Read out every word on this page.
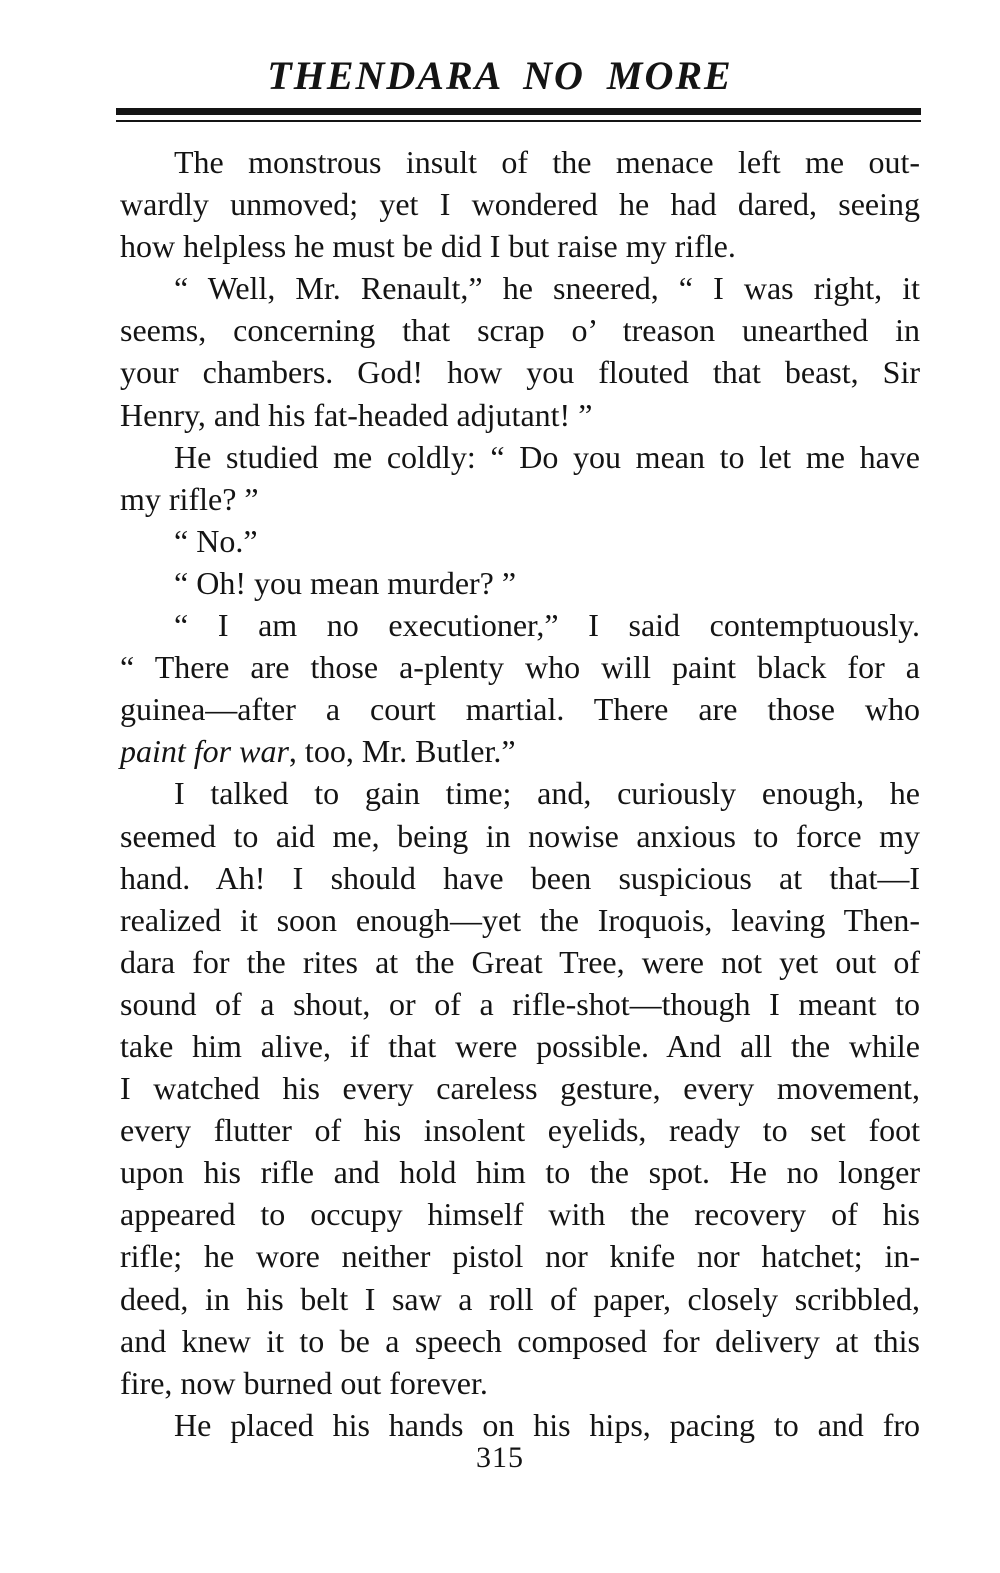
THENDARA NO MORE
The monstrous insult of the menace left me out-
wardly unmoved; yet I wondered he had dared, seeing
how helpless he must be did I but raise my rifle.
“ Well, Mr. Renault,” he sneered, “ I was right, it
seems, concerning that scrap o’ treason unearthed in
your chambers. God! how you flouted that beast, Sir
Henry, and his fat-headed adjutant! ”
He studied me coldly: “ Do you mean to let me have
my rifle? ”
“ No.”
“ Oh! you mean murder? ”
“ I am no executioner,” I said contemptuously.
“ There are those a-plenty who will paint black for a
guinea—after a court martial. There are those who
paint for war, too, Mr. Butler.”
I talked to gain time; and, curiously enough, he
seemed to aid me, being in nowise anxious to force my
hand. Ah! I should have been suspicious at that—I
realized it soon enough—yet the Iroquois, leaving Then-
dara for the rites at the Great Tree, were not yet out of
sound of a shout, or of a rifle-shot—though I meant to
take him alive, if that were possible. And all the while
I watched his every careless gesture, every movement,
every flutter of his insolent eyelids, ready to set foot
upon his rifle and hold him to the spot. He no longer
appeared to occupy himself with the recovery of his
rifle; he wore neither pistol nor knife nor hatchet; in-
deed, in his belt I saw a roll of paper, closely scribbled,
and knew it to be a speech composed for delivery at this
fire, now burned out forever.
He placed his hands on his hips, pacing to and fro
315
